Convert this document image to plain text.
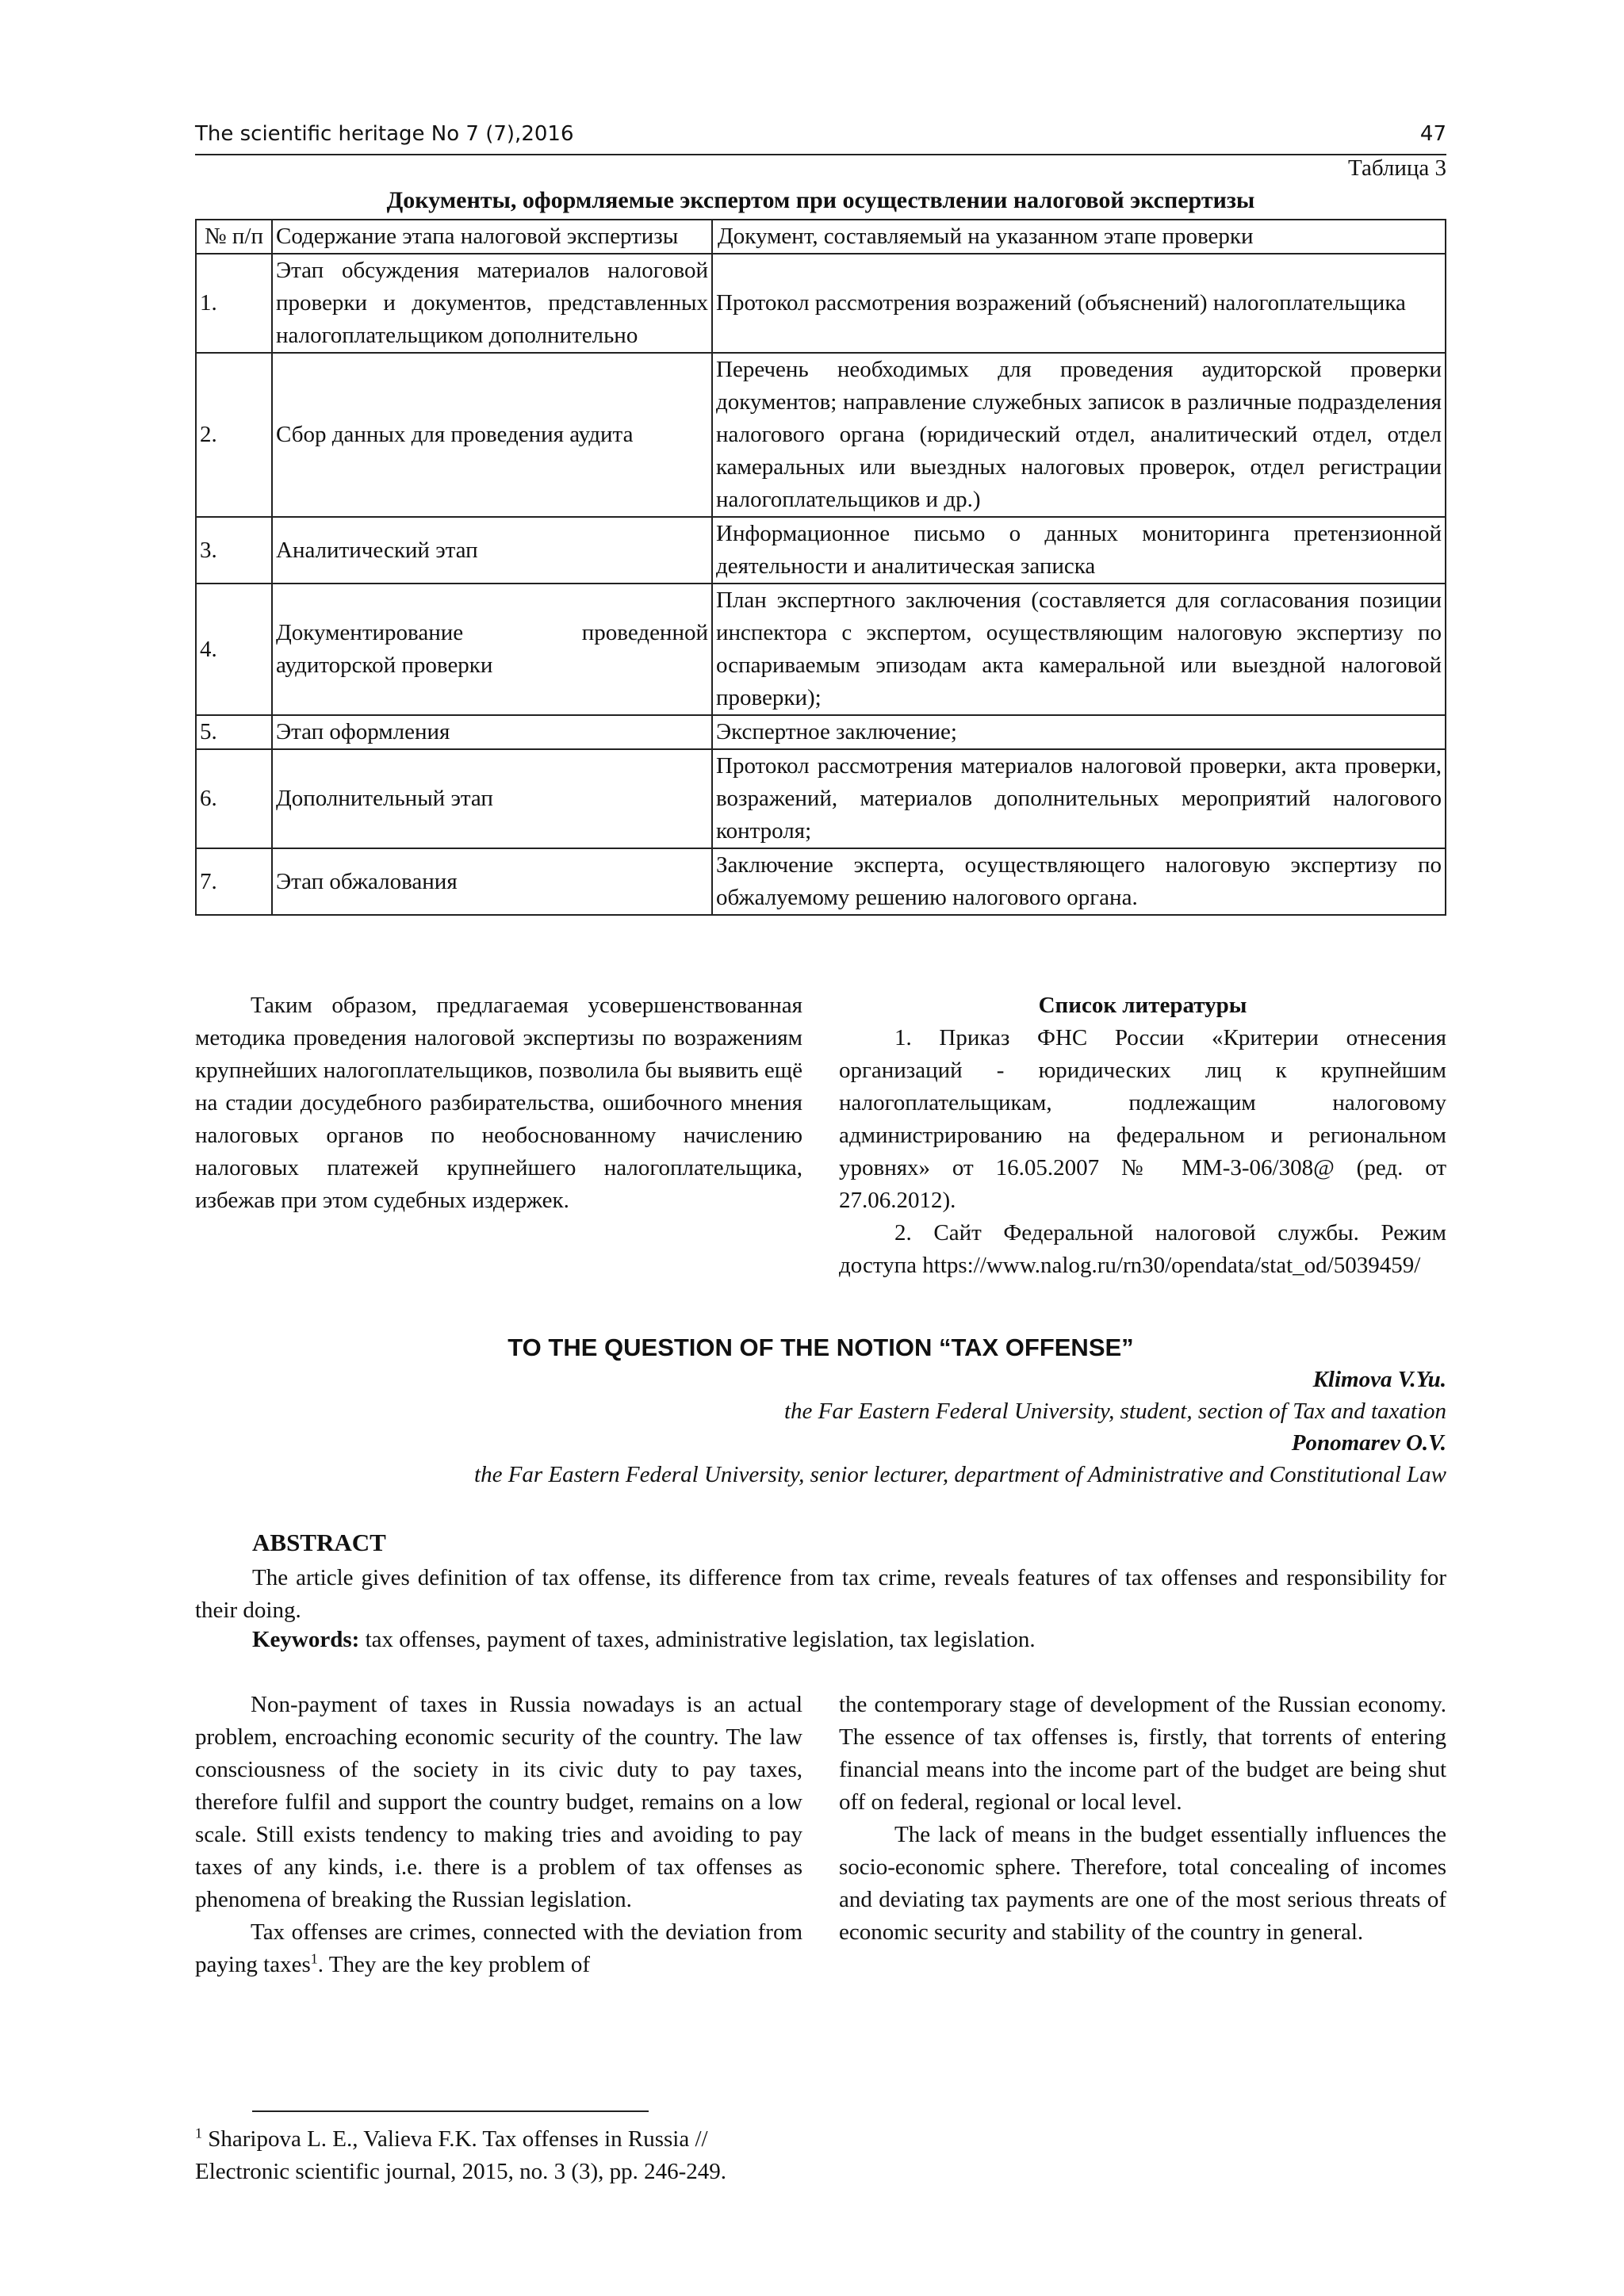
The scientific heritage No 7 (7),2016	47
Таблица 3
Документы, оформляемые экспертом при осуществлении налоговой экспертизы
№ п/п	Содержание этапа налоговой экспертизы	Документ, составляемый на указанном этапе проверки
1.	Этап обсуждения материалов налоговой проверки и документов, представленных налогоплательщиком дополнительно	Протокол рассмотрения возражений (объяснений) налогоплательщика
2.	Сбор данных для проведения аудита	Перечень необходимых для проведения аудиторской проверки документов; направление служебных записок в различные подразделения налогового органа (юридический отдел, аналитический отдел, отдел камеральных или выездных налоговых проверок, отдел регистрации налогоплательщиков и др.)
3.	Аналитический этап	Информационное письмо о данных мониторинга претензионной деятельности и аналитическая записка
4.	Документирование проведенной аудиторской проверки	План экспертного заключения (составляется для согласования позиции инспектора с экспертом, осуществляющим налоговую экспертизу по оспариваемым эпизодам акта камеральной или выездной налоговой проверки);
5.	Этап оформления	Экспертное заключение;
6.	Дополнительный этап	Протокол рассмотрения материалов налоговой проверки, акта проверки, возражений, материалов дополнительных мероприятий налогового контроля;
7.	Этап обжалования	Заключение эксперта, осуществляющего налоговую экспертизу по обжалуемому решению налогового органа.

Таким образом, предлагаемая усовершенствованная методика проведения налоговой экспертизы по возражениям крупнейших налогоплательщиков, позволила бы выявить ещё на стадии досудебного разбирательства, ошибочного мнения налоговых органов по необоснованному начислению налоговых платежей крупнейшего налогоплательщика, избежав при этом судебных издержек.

Список литературы

1. Приказ ФНС России «Критерии отнесения организаций - юридических лиц к крупнейшим налогоплательщикам, подлежащим налоговому администрированию на федеральном и региональном уровнях» от 16.05.2007 № ММ-3-06/308@ (ред. от 27.06.2012).

2. Сайт Федеральной налоговой службы. Режим доступа https://www.nalog.ru/rn30/opendata/stat_od/5039459/

TO THE QUESTION OF THE NOTION “TAX OFFENSE”
Klimova V.Yu.
the Far Eastern Federal University, student, section of Tax and taxation
Ponomarev O.V.
the Far Eastern Federal University, senior lecturer, department of Administrative and Constitutional Law
ABSTRACT
The article gives definition of tax offense, its difference from tax crime, reveals features of tax offenses and responsibility for their doing.
Keywords: tax offenses, payment of taxes, administrative legislation, tax legislation.

Non-payment of taxes in Russia nowadays is an actual problem, encroaching economic security of the country. The law consciousness of the society in its civic duty to pay taxes, therefore fulfil and support the country budget, remains on a low scale. Still exists tendency to making tries and avoiding to pay taxes of any kinds, i.e. there is a problem of tax offenses as phenomena of breaking the Russian legislation.

Tax offenses are crimes, connected with the deviation from paying taxes$^1$. They are the key problem of

the contemporary stage of development of the Russian economy. The essence of tax offenses is, firstly, that torrents of entering financial means into the income part of the budget are being shut off on federal, regional or local level.

The lack of means in the budget essentially influences the socio-economic sphere. Therefore, total concealing of incomes and deviating tax payments are one of the most serious threats of economic security and stability of the country in general.

$^1$ Sharipova L. E., Valieva F.K. Tax offenses in Russia // Electronic scientific journal, 2015, no. 3 (3), pp. 246-249.
